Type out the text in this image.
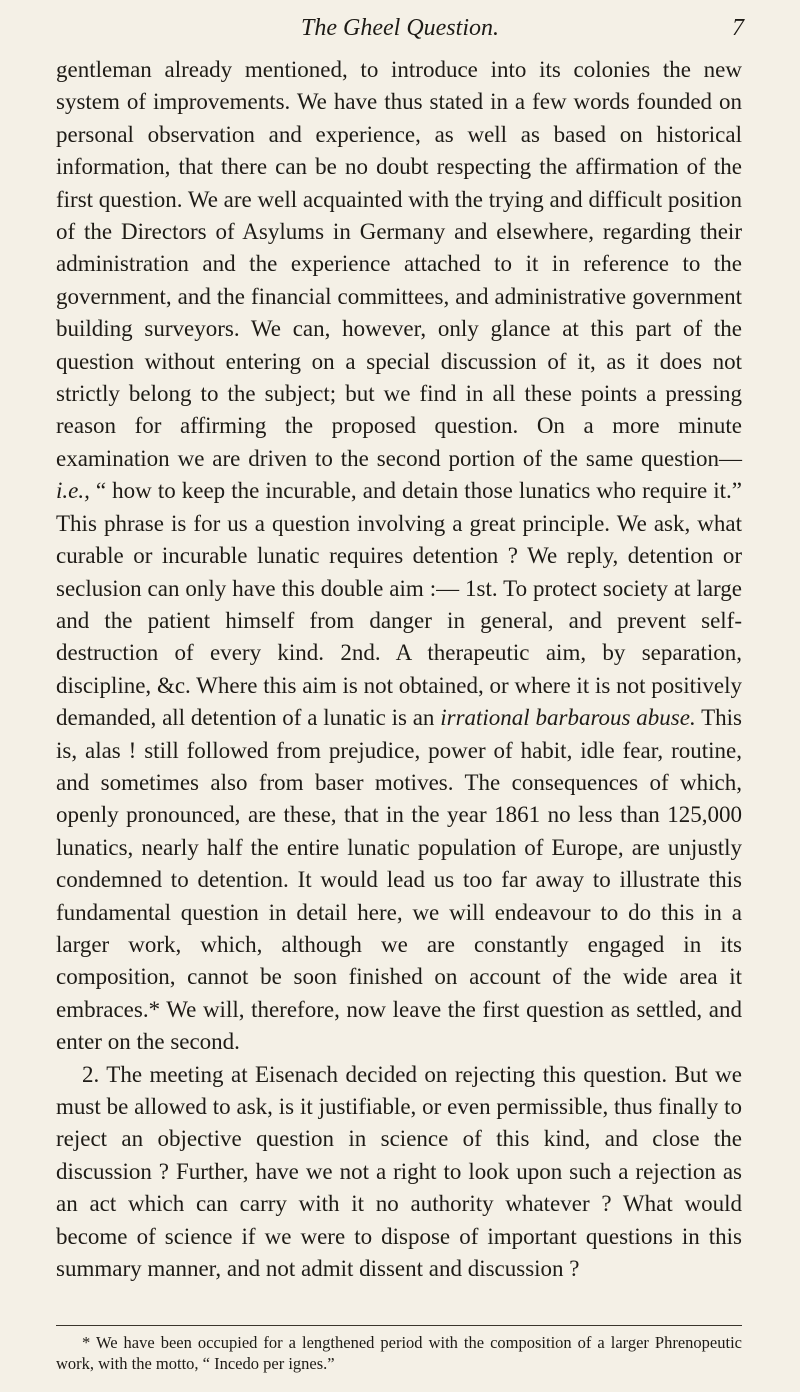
The Gheel Question.	7

gentleman already mentioned, to introduce into its colonies the new system of improvements. We have thus stated in a few words founded on personal observation and experience, as well as based on historical information, that there can be no doubt respecting the affirmation of the first question. We are well acquainted with the trying and difficult position of the Directors of Asylums in Germany and elsewhere, regarding their administration and the experience attached to it in reference to the government, and the financial committees, and administrative government building surveyors. We can, however, only glance at this part of the question without entering on a special discussion of it, as it does not strictly belong to the subject; but we find in all these points a pressing reason for affirming the proposed question. On a more minute examination we are driven to the second portion of the same question—i.e., “ how to keep the incurable, and detain those lunatics who require it.” This phrase is for us a question involving a great principle. We ask, what curable or incurable lunatic requires detention ? We reply, detention or seclusion can only have this double aim :— 1st. To protect society at large and the patient himself from danger in general, and prevent self-destruction of every kind. 2nd. A therapeutic aim, by separation, discipline, &c. Where this aim is not obtained, or where it is not positively demanded, all detention of a lunatic is an irrational barbarous abuse. This is, alas ! still followed from prejudice, power of habit, idle fear, routine, and sometimes also from baser motives. The consequences of which, openly pronounced, are these, that in the year 1861 no less than 125,000 lunatics, nearly half the entire lunatic population of Europe, are unjustly condemned to detention. It would lead us too far away to illustrate this fundamental question in detail here, we will endeavour to do this in a larger work, which, although we are constantly engaged in its composition, cannot be soon finished on account of the wide area it embraces.* We will, therefore, now leave the first question as settled, and enter on the second.

2. The meeting at Eisenach decided on rejecting this question. But we must be allowed to ask, is it justifiable, or even permissible, thus finally to reject an objective question in science of this kind, and close the discussion ? Further, have we not a right to look upon such a rejection as an act which can carry with it no authority whatever ? What would become of science if we were to dispose of important questions in this summary manner, and not admit dissent and discussion ?

* We have been occupied for a lengthened period with the composition of a larger Phrenopeutic work, with the motto, “ Incedo per ignes.”
